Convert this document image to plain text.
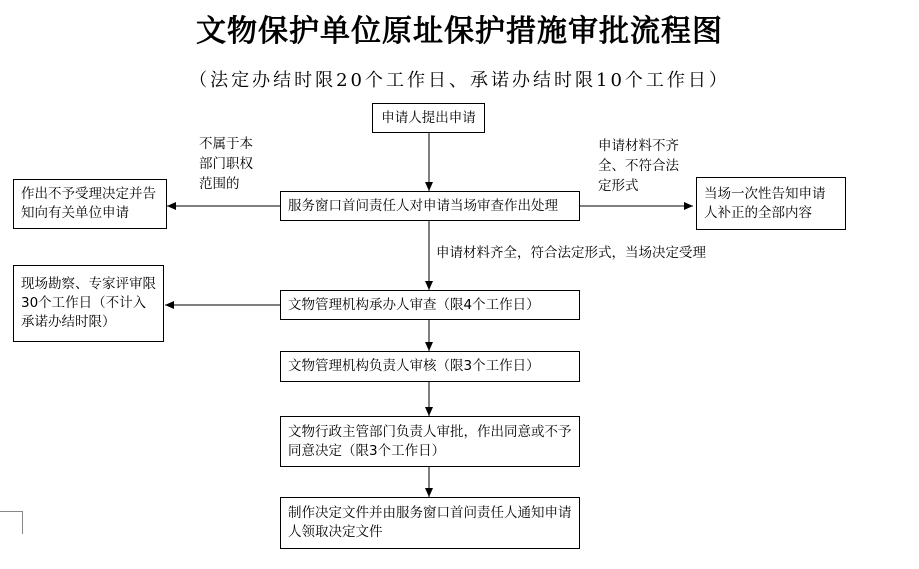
文物保护单位原址保护措施审批流程图
（法定办结时限20个工作日、承诺办结时限10个工作日）
申请人提出申请
服务窗口首问责任人对申请当场审查作出处理
作出不予受理决定并告知向有关单位申请
当场一次性告知申请人补正的全部内容
文物管理机构承办人审查（限4个工作日）
现场勘察、专家评审限30个工作日（不计入承诺办结时限）
文物管理机构负责人审核（限3个工作日）
文物行政主管部门负责人审批，作出同意或不予同意决定（限3个工作日）
制作决定文件并由服务窗口首问责任人通知申请人领取决定文件
不属于本部门职权范围的
申请材料不齐全、不符合法定形式
申请材料齐全，符合法定形式，当场决定受理
